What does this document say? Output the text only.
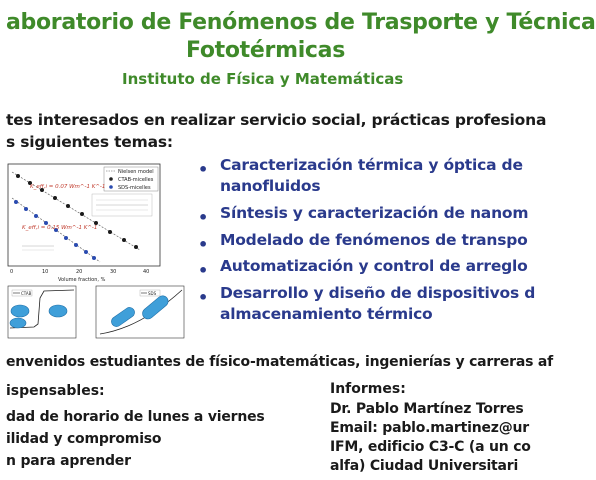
aboratorio de Fenómenos de Trasporte y Técnica
Fototérmicas
Instituto de Física y Matemáticas
tes interesados en realizar servicio social, prácticas profesiona
s siguientes temas:
Nielsen model
CTAB-micelles
SDS-micelles
K_eff,i = 0.07 Wm^-1 K^-1
K_eff,i = 0.15 Wm^-1 K^-1
0	10	20	30	40
Volume fraction, %
CTAB	SDS
• Caracterización térmica y óptica de
nanofluidos
• Síntesis y caracterización de nanom
• Modelado de fenómenos de transpo
• Automatización y control de arreglo
• Desarrollo y diseño de dispositivos d
almacenamiento térmico
envenidos estudiantes de físico-matemáticas, ingenierías y carreras af
ispensables:
dad de horario de lunes a viernes
ilidad y compromiso
n para aprender
Informes:
Dr. Pablo Martínez Torres
Email: pablo.martinez@ur
IFM, edificio C3-C (a un co
alfa) Ciudad Universitari
